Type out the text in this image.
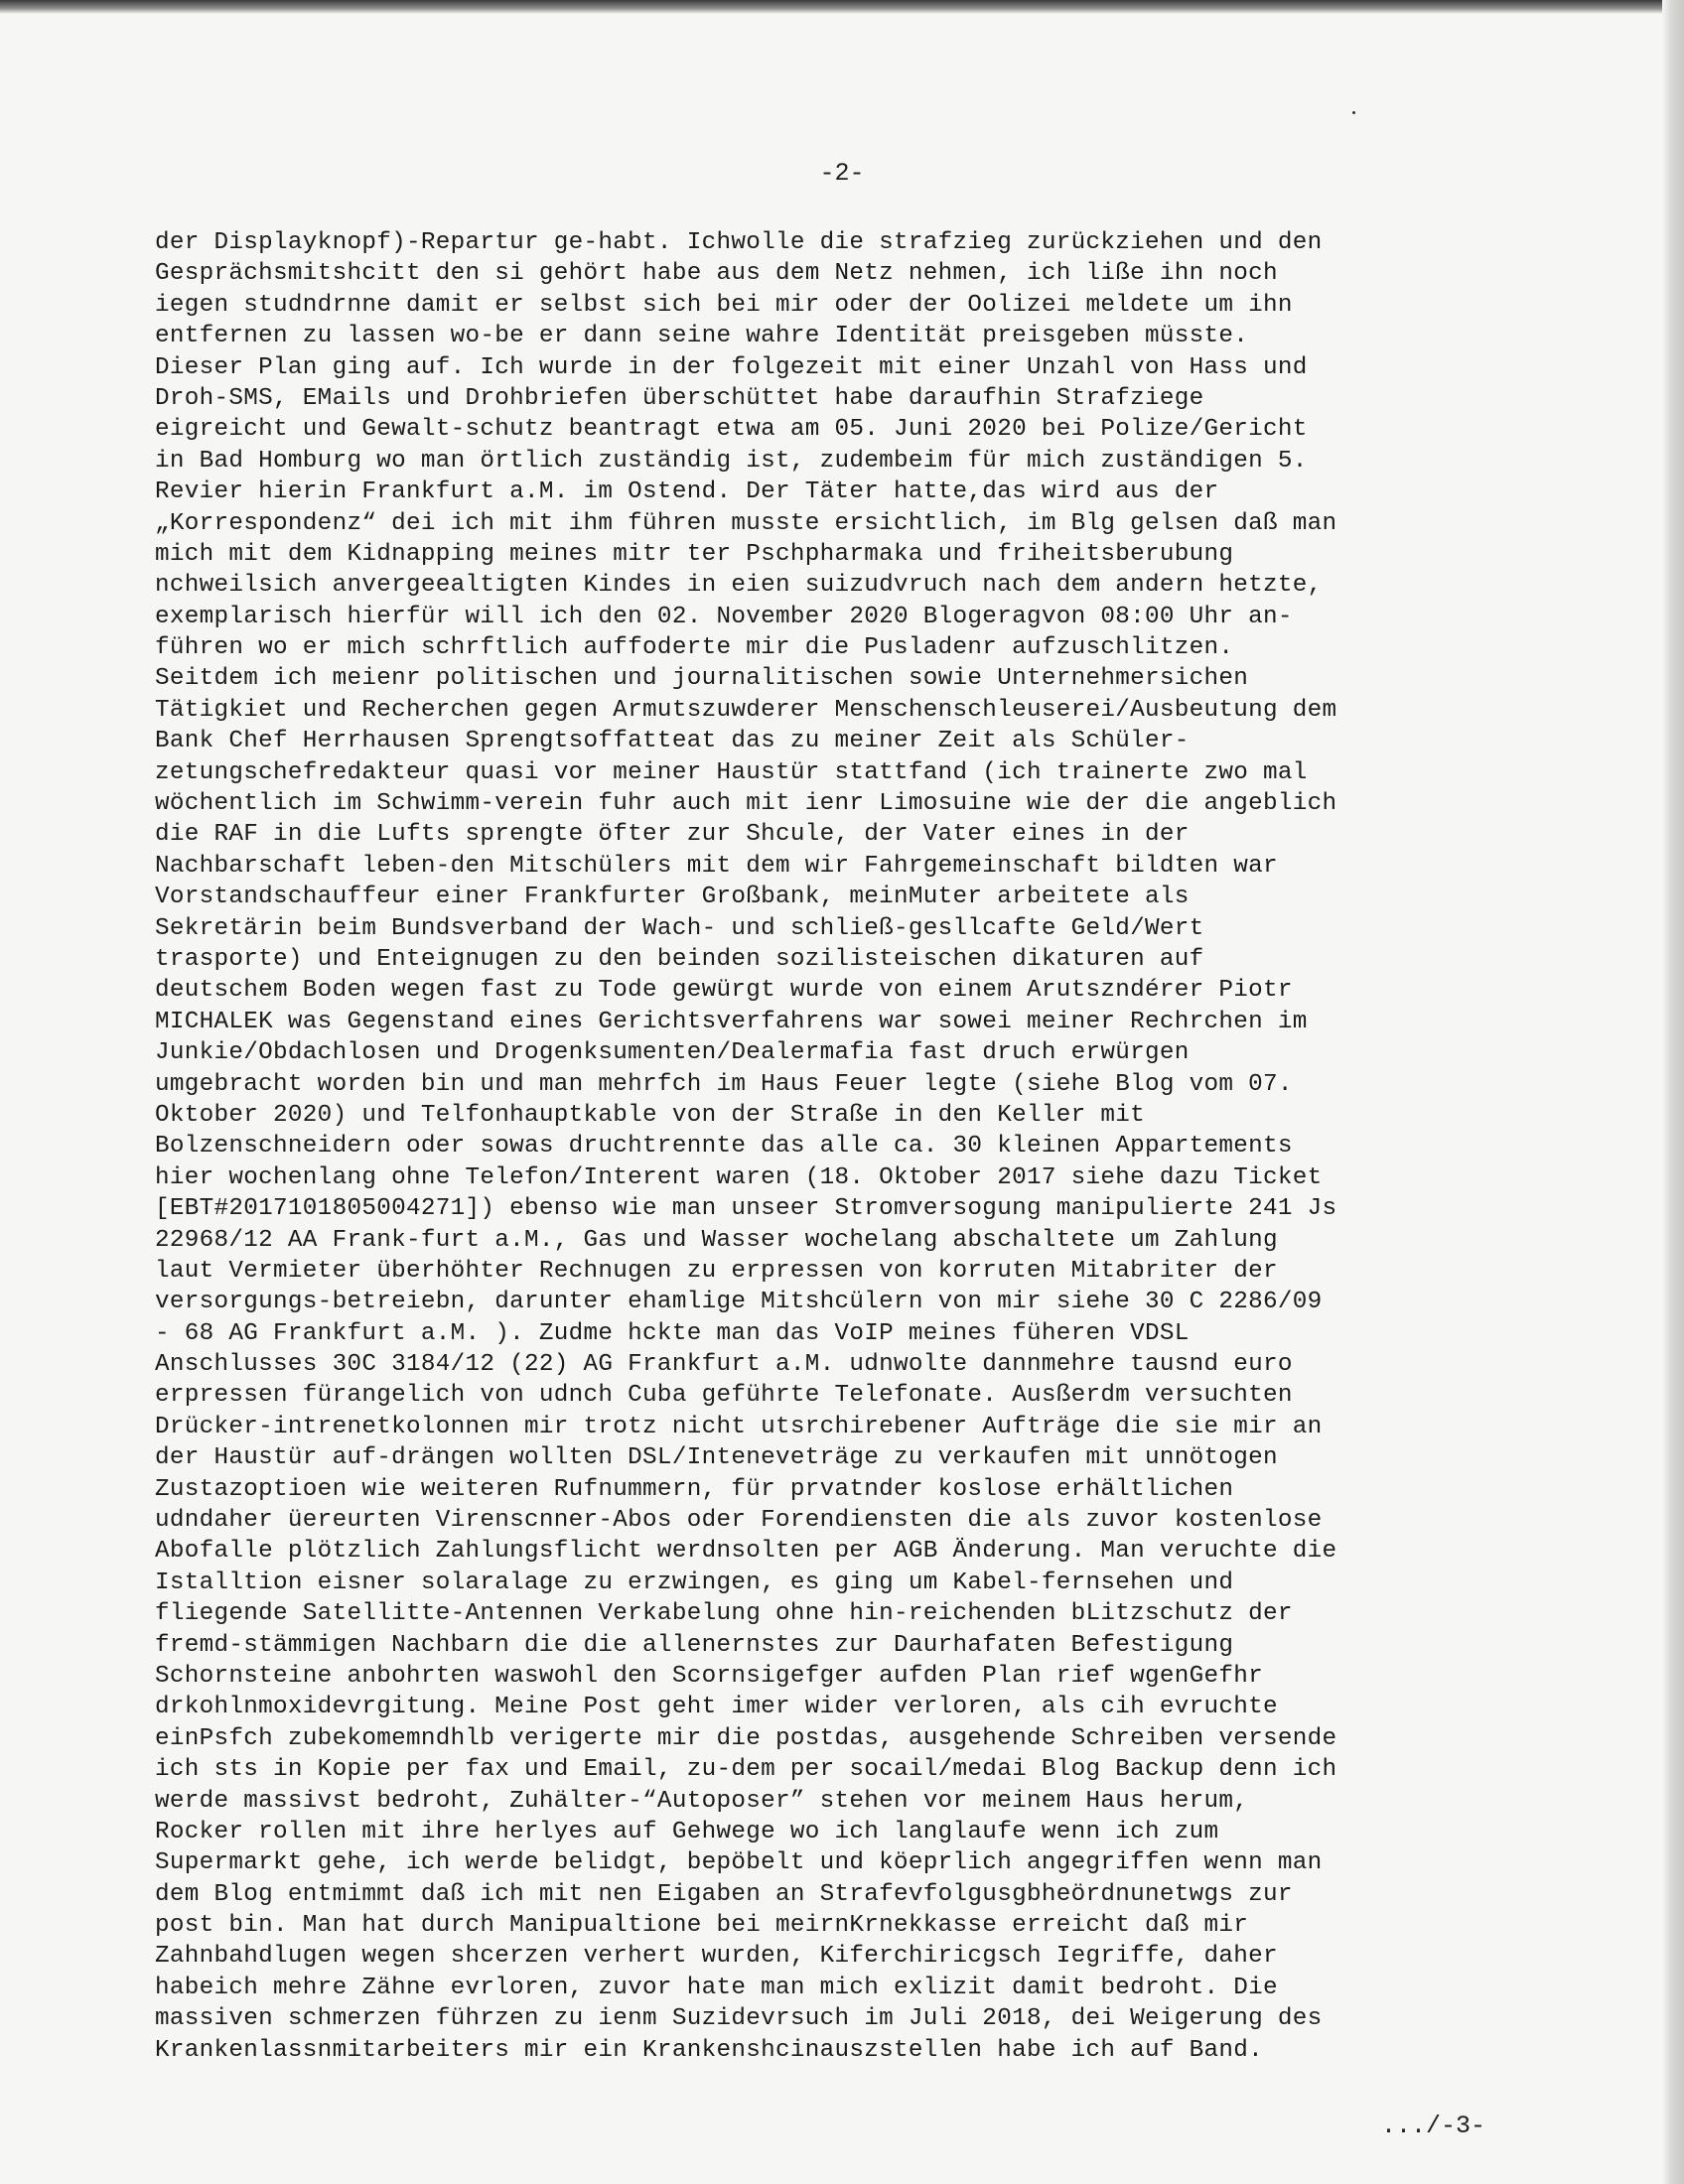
-2-
der Displayknopf)-Repartur ge-habt. Ichwolle die strafzieg zurückziehen und den
Gesprächsmitshcitt den si gehört habe aus dem Netz nehmen, ich liße ihn noch
iegen studndrnne damit er selbst sich bei mir oder der Oolizei meldete um ihn
entfernen zu lassen wo-be er dann seine wahre Identität preisgeben müsste.
Dieser Plan ging auf. Ich wurde in der folgezeit mit einer Unzahl von Hass und
Droh-SMS, EMails und Drohbriefen überschüttet habe daraufhin Strafziege
eigreicht und Gewalt-schutz beantragt etwa am 05. Juni 2020 bei Polize/Gericht
in Bad Homburg wo man örtlich zuständig ist, zudembeim für mich zuständigen 5.
Revier hierin Frankfurt a.M. im Ostend. Der Täter hatte,das wird aus der
„Korrespondenz“ dei ich mit ihm führen musste ersichtlich, im Blg gelsen daß man
mich mit dem Kidnapping meines mitr ter Pschpharmaka und friheitsberubung
nchweilsich anvergeealtigten Kindes in eien suizudvruch nach dem andern hetzte,
exemplarisch hierfür will ich den 02. November 2020 Blogeragvon 08:00 Uhr an-
führen wo er mich schrftlich auffoderte mir die Pusladenr aufzuschlitzen.
Seitdem ich meienr politischen und journalitischen sowie Unternehmersichen
Tätigkiet und Recherchen gegen Armutszuwderer Menschenschleuserei/Ausbeutung dem
Bank Chef Herrhausen Sprengtsoffatteat das zu meiner Zeit als Schüler-
zetungschefredakteur quasi vor meiner Haustür stattfand (ich trainerte zwo mal
wöchentlich im Schwimm-verein fuhr auch mit ienr Limosuine wie der die angeblich
die RAF in die Lufts sprengte öfter zur Shcule, der Vater eines in der
Nachbarschaft leben-den Mitschülers mit dem wir Fahrgemeinschaft bildten war
Vorstandschauffeur einer Frankfurter Großbank, meinMuter arbeitete als
Sekretärin beim Bundsverband der Wach- und schließ-gesllcafte Geld/Wert
trasporte) und Enteignugen zu den beinden sozilisteischen dikaturen auf
deutschem Boden wegen fast zu Tode gewürgt wurde von einem Arutszndérer Piotr
MICHALEK was Gegenstand eines Gerichtsverfahrens war sowei meiner Rechrchen im
Junkie/Obdachlosen und Drogenksumenten/Dealermafia fast druch erwürgen
umgebracht worden bin und man mehrfch im Haus Feuer legte (siehe Blog vom 07.
Oktober 2020) und Telfonhauptkable von der Straße in den Keller mit
Bolzenschneidern oder sowas druchtrennte das alle ca. 30 kleinen Appartements
hier wochenlang ohne Telefon/Interent waren (18. Oktober 2017 siehe dazu Ticket
[EBT#2017101805004271]) ebenso wie man unseer Stromversogung manipulierte 241 Js
22968/12 AA Frank-furt a.M., Gas und Wasser wochelang abschaltete um Zahlung
laut Vermieter überhöhter Rechnugen zu erpressen von korruten Mitabriter der
versorgungs-betreiebn, darunter ehamlige Mitshcülern von mir siehe 30 C 2286/09
- 68 AG Frankfurt a.M. ). Zudme hckte man das VoIP meines füheren VDSL
Anschlusses 30C 3184/12 (22) AG Frankfurt a.M. udnwolte dannmehre tausnd euro
erpressen fürangelich von udnch Cuba geführte Telefonate. Ausßerdm versuchten
Drücker-intrenetkolonnen mir trotz nicht utsrchirebener Aufträge die sie mir an
der Haustür auf-drängen wollten DSL/Inteneveträge zu verkaufen mit unnötogen
Zustazoptioen wie weiteren Rufnummern, für prvatnder koslose erhältlichen
udndaher üereurten Virenscnner-Abos oder Forendiensten die als zuvor kostenlose
Abofalle plötzlich Zahlungsflicht werdnsolten per AGB Änderung. Man veruchte die
Istalltion eisner solaralage zu erzwingen, es ging um Kabel-fernsehen und
fliegende Satellitte-Antennen Verkabelung ohne hin-reichenden bLitzschutz der
fremd-stämmigen Nachbarn die die allenernstes zur Daurhafaten Befestigung
Schornsteine anbohrten waswohl den Scornsigefger aufden Plan rief wgenGefhr
drkohlnmoxidevrgitung. Meine Post geht imer wider verloren, als cih evruchte
einPsfch zubekomemndhlb verigerte mir die postdas, ausgehende Schreiben versende
ich sts in Kopie per fax und Email, zu-dem per socail/medai Blog Backup denn ich
werde massivst bedroht, Zuhälter-“Autoposer” stehen vor meinem Haus herum,
Rocker rollen mit ihre herlyes auf Gehwege wo ich langlaufe wenn ich zum
Supermarkt gehe, ich werde belidgt, bepöbelt und köeprlich angegriffen wenn man
dem Blog entmimmt daß ich mit nen Eigaben an Strafevfolgusgbheördnunetwgs zur
post bin. Man hat durch Manipualtione bei meirnKrnekkasse erreicht daß mir
Zahnbahdlugen wegen shcerzen verhert wurden, Kiferchiricgsch Iegriffe, daher
habeich mehre Zähne evrloren, zuvor hate man mich exlizit damit bedroht. Die
massiven schmerzen führzen zu ienm Suzidevrsuch im Juli 2018, dei Weigerung des
Krankenlassnmitarbeiters mir ein Krankenshcinauszstellen habe ich auf Band.
.../-3-
